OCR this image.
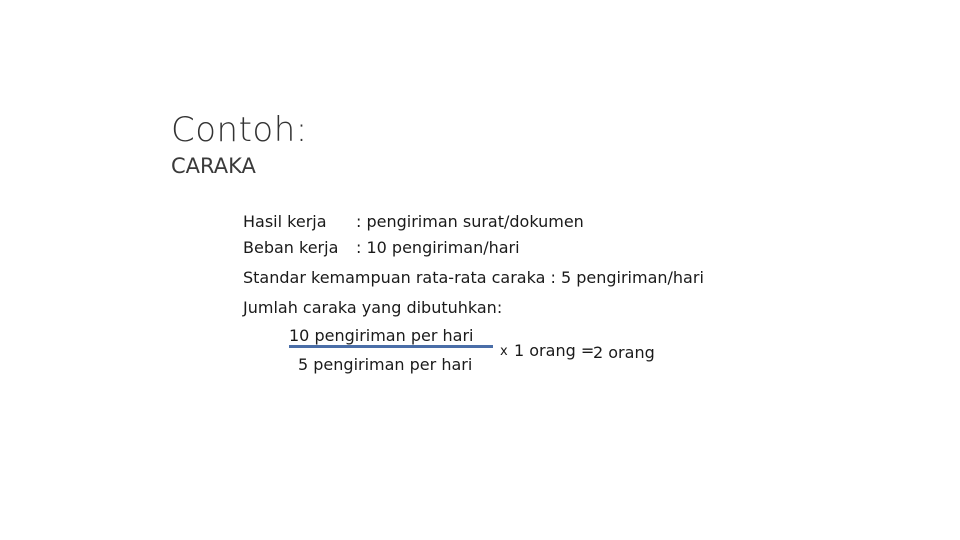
Contoh:
CARAKA
Hasil kerja : pengiriman surat/dokumen
Beban kerja : 10 pengiriman/hari
Standar kemampuan rata-rata caraka : 5 pengiriman/hari
Jumlah caraka yang dibutuhkan:
10 pengiriman per hari
5 pengiriman per hari
x 1 orang =
2 orang
